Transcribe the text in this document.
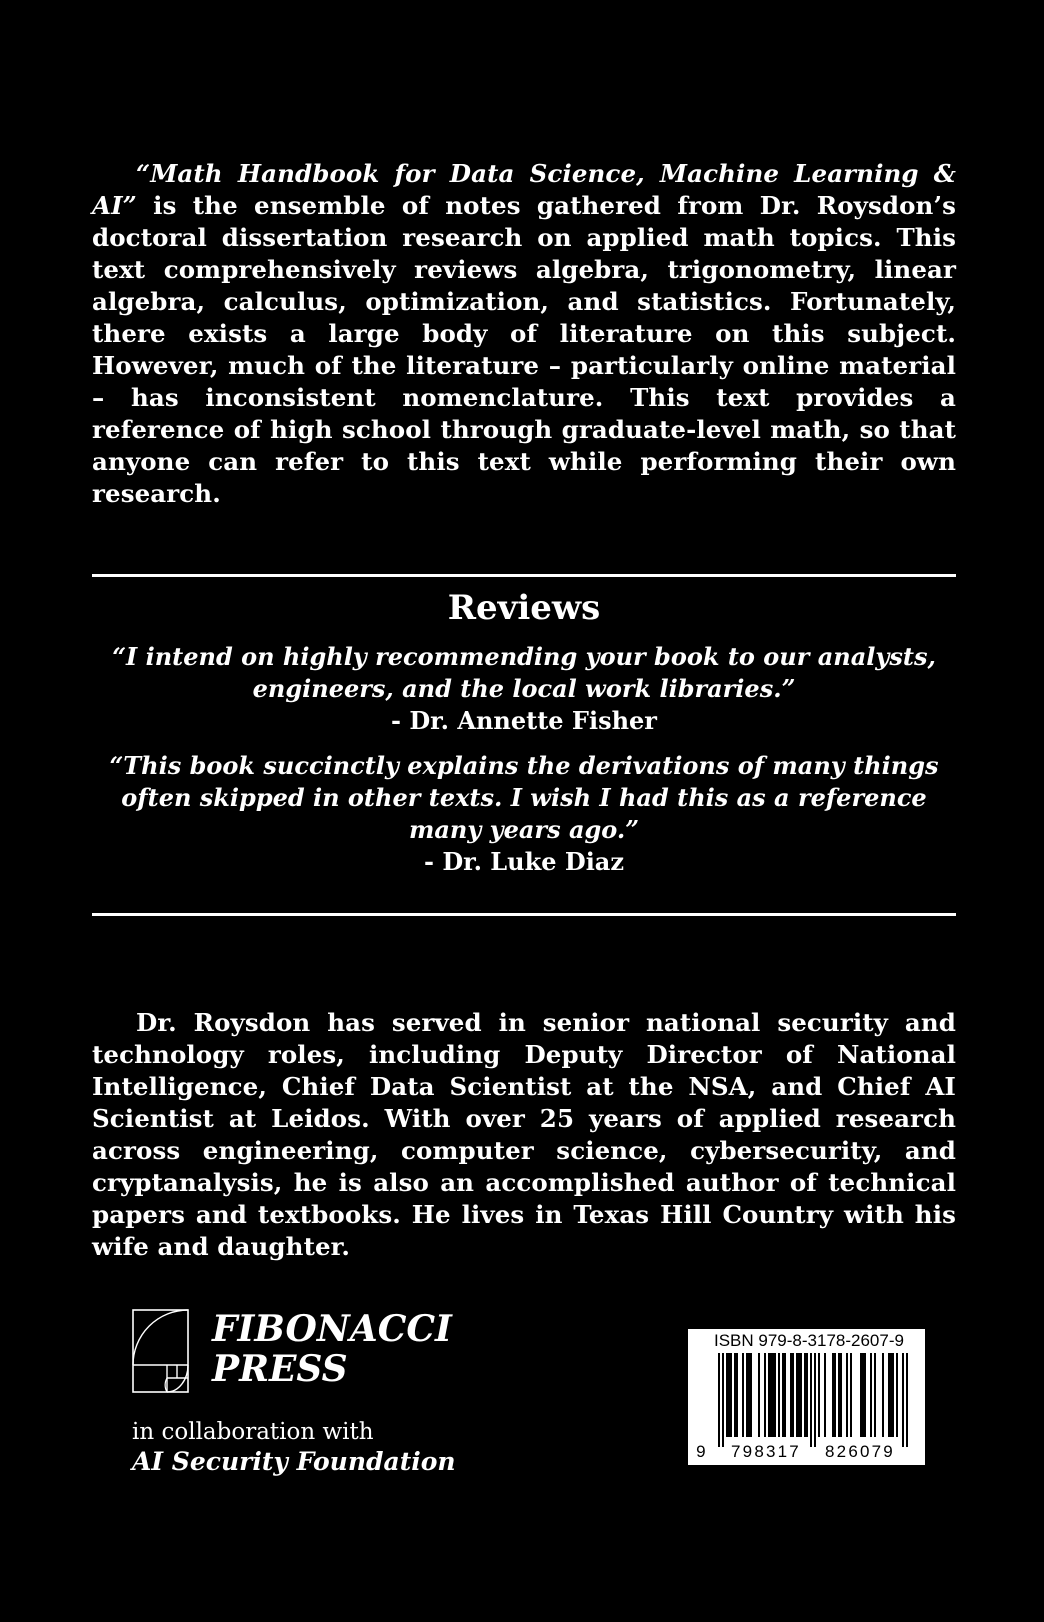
“Math Handbook for Data Science, Machine Learning & AI” is the ensemble of notes gathered from Dr. Roysdon’s doctoral dissertation research on applied math topics. This text comprehensively reviews algebra, trigonometry, linear algebra, calculus, optimization, and statistics. Fortunately, there exists a large body of literature on this subject. However, much of the literature – particularly online material – has inconsistent nomenclature. This text provides a reference of high school through graduate-level math, so that anyone can refer to this text while performing their own research.

Reviews

“I intend on highly recommending your book to our analysts,

engineers, and the local work libraries.”

- Dr. Annette Fisher

“This book succinctly explains the derivations of many things

often skipped in other texts. I wish I had this as a reference

many years ago.”

- Dr. Luke Diaz

Dr. Roysdon has served in senior national security and technology roles, including Deputy Director of National Intelligence, Chief Data Scientist at the NSA, and Chief AI Scientist at Leidos. With over 25 years of applied research across engineering, computer science, cybersecurity, and cryptanalysis, he is also an accomplished author of technical papers and textbooks. He lives in Texas Hill Country with his wife and daughter.

FIBONACCI
PRESS

in collaboration with

AI Security Foundation	9 798317 826079

ISBN 979-8-3178-2607-9
